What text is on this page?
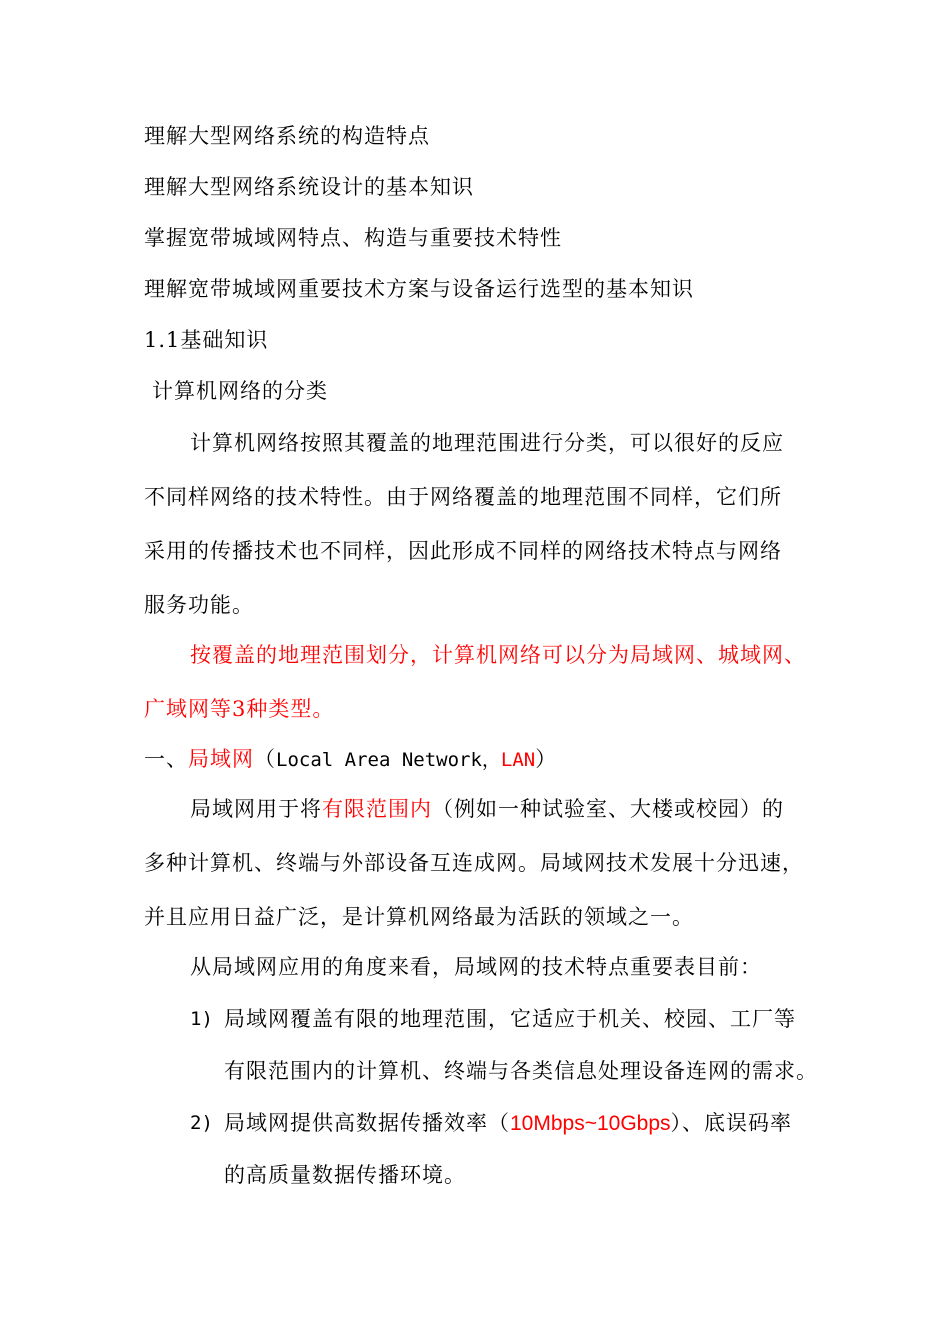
理解大型网络系统的构造特点
理解大型网络系统设计的基本知识
掌握宽带城域网特点、构造与重要技术特性
理解宽带城域网重要技术方案与设备运行选型的基本知识
1.1基础知识
计算机网络的分类
计算机网络按照其覆盖的地理范围进行分类，可以很好的反应
不同样网络的技术特性。由于网络覆盖的地理范围不同样，它们所
采用的传播技术也不同样，因此形成不同样的网络技术特点与网络
服务功能。
按覆盖的地理范围划分，计算机网络可以分为局域网、城域网、
广域网等3种类型。
一、局域网（Local Area Network，LAN）
局域网用于将有限范围内（例如一种试验室、大楼或校园）的
多种计算机、终端与外部设备互连成网。局域网技术发展十分迅速，
并且应用日益广泛，是计算机网络最为活跃的领域之一。
从局域网应用的角度来看，局域网的技术特点重要表目前：
1) 局域网覆盖有限的地理范围，它适应于机关、校园、工厂等
有限范围内的计算机、终端与各类信息处理设备连网的需求。
2) 局域网提供高数据传播效率（10Mbps~10Gbps）、底误码率
的高质量数据传播环境。
